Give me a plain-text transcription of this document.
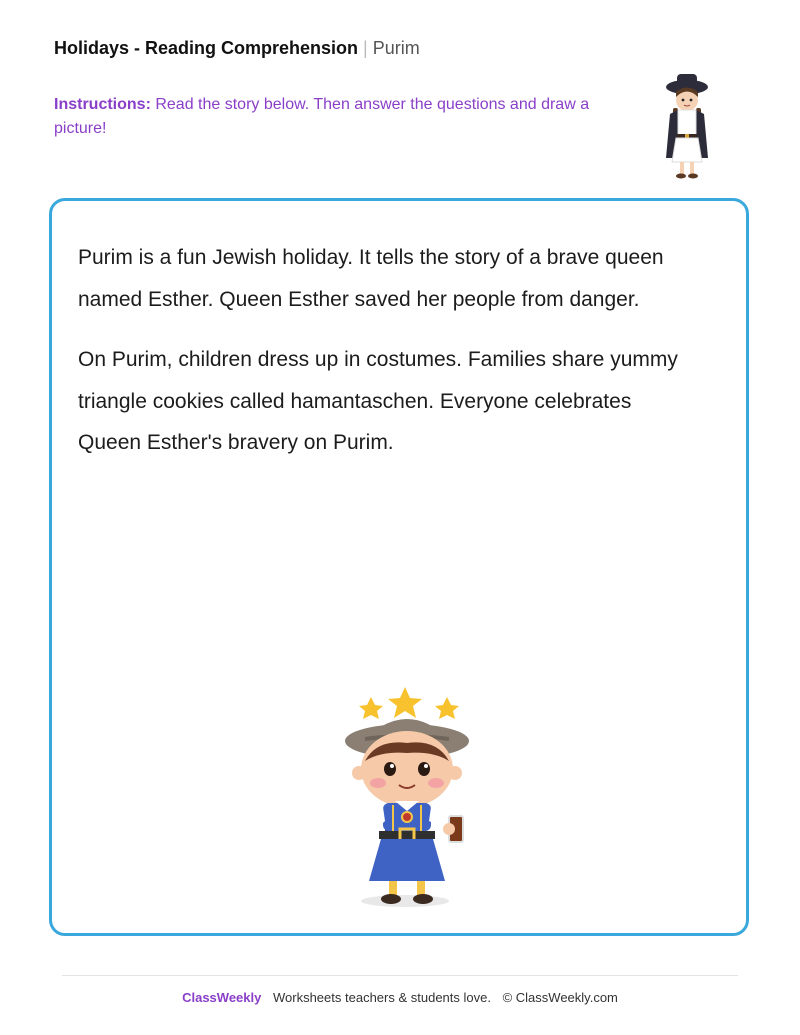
Holidays - Reading Comprehension | Purim
Instructions: Read the story below. Then answer the questions and draw a picture!

Purim is a fun Jewish holiday. It tells the story of a brave queen named Esther. Queen Esther saved her people from danger.

On Purim, children dress up in costumes. Families share yummy triangle cookies called hamantaschen. Everyone celebrates Queen Esther's bravery on Purim.

ClassWeekly Worksheets teachers & students love. © ClassWeekly.com
